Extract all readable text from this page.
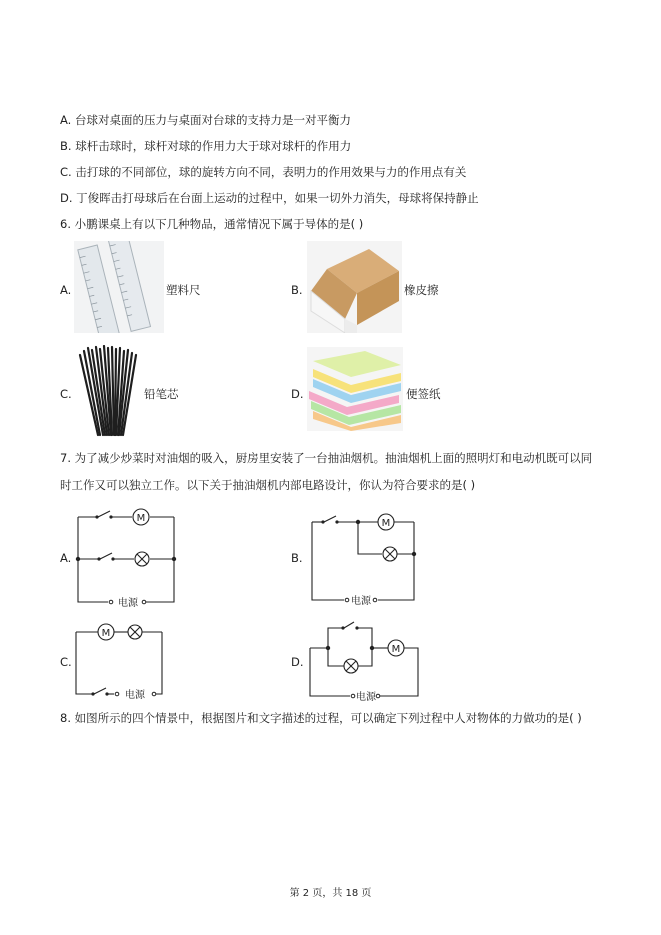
A. 台球对桌面的压力与桌面对台球的支持力是一对平衡力
B. 球杆击球时，球杆对球的作用力大于球对球杆的作用力
C. 击打球的不同部位，球的旋转方向不同，表明力的作用效果与力的作用点有关
D. 丁俊晖击打母球后在台面上运动的过程中，如果一切外力消失，母球将保持静止
6. 小鹏课桌上有以下几种物品，通常情况下属于导体的是( )
A.	塑料尺	B.	橡皮擦
C.	铅笔芯	D.	便签纸
7. 为了减少炒菜时对油烟的吸入，厨房里安装了一台抽油烟机。抽油烟机上面的照明灯和电动机既可以同
时工作又可以独立工作。以下关于抽油烟机内部电路设计，你认为符合要求的是( )
A.
M
电源
B.
M
电源
C.
M
电源
D.
M
电源
8. 如图所示的四个情景中，根据图片和文字描述的过程，可以确定下列过程中人对物体的力做功的是( )
第 2 页，共 18 页
